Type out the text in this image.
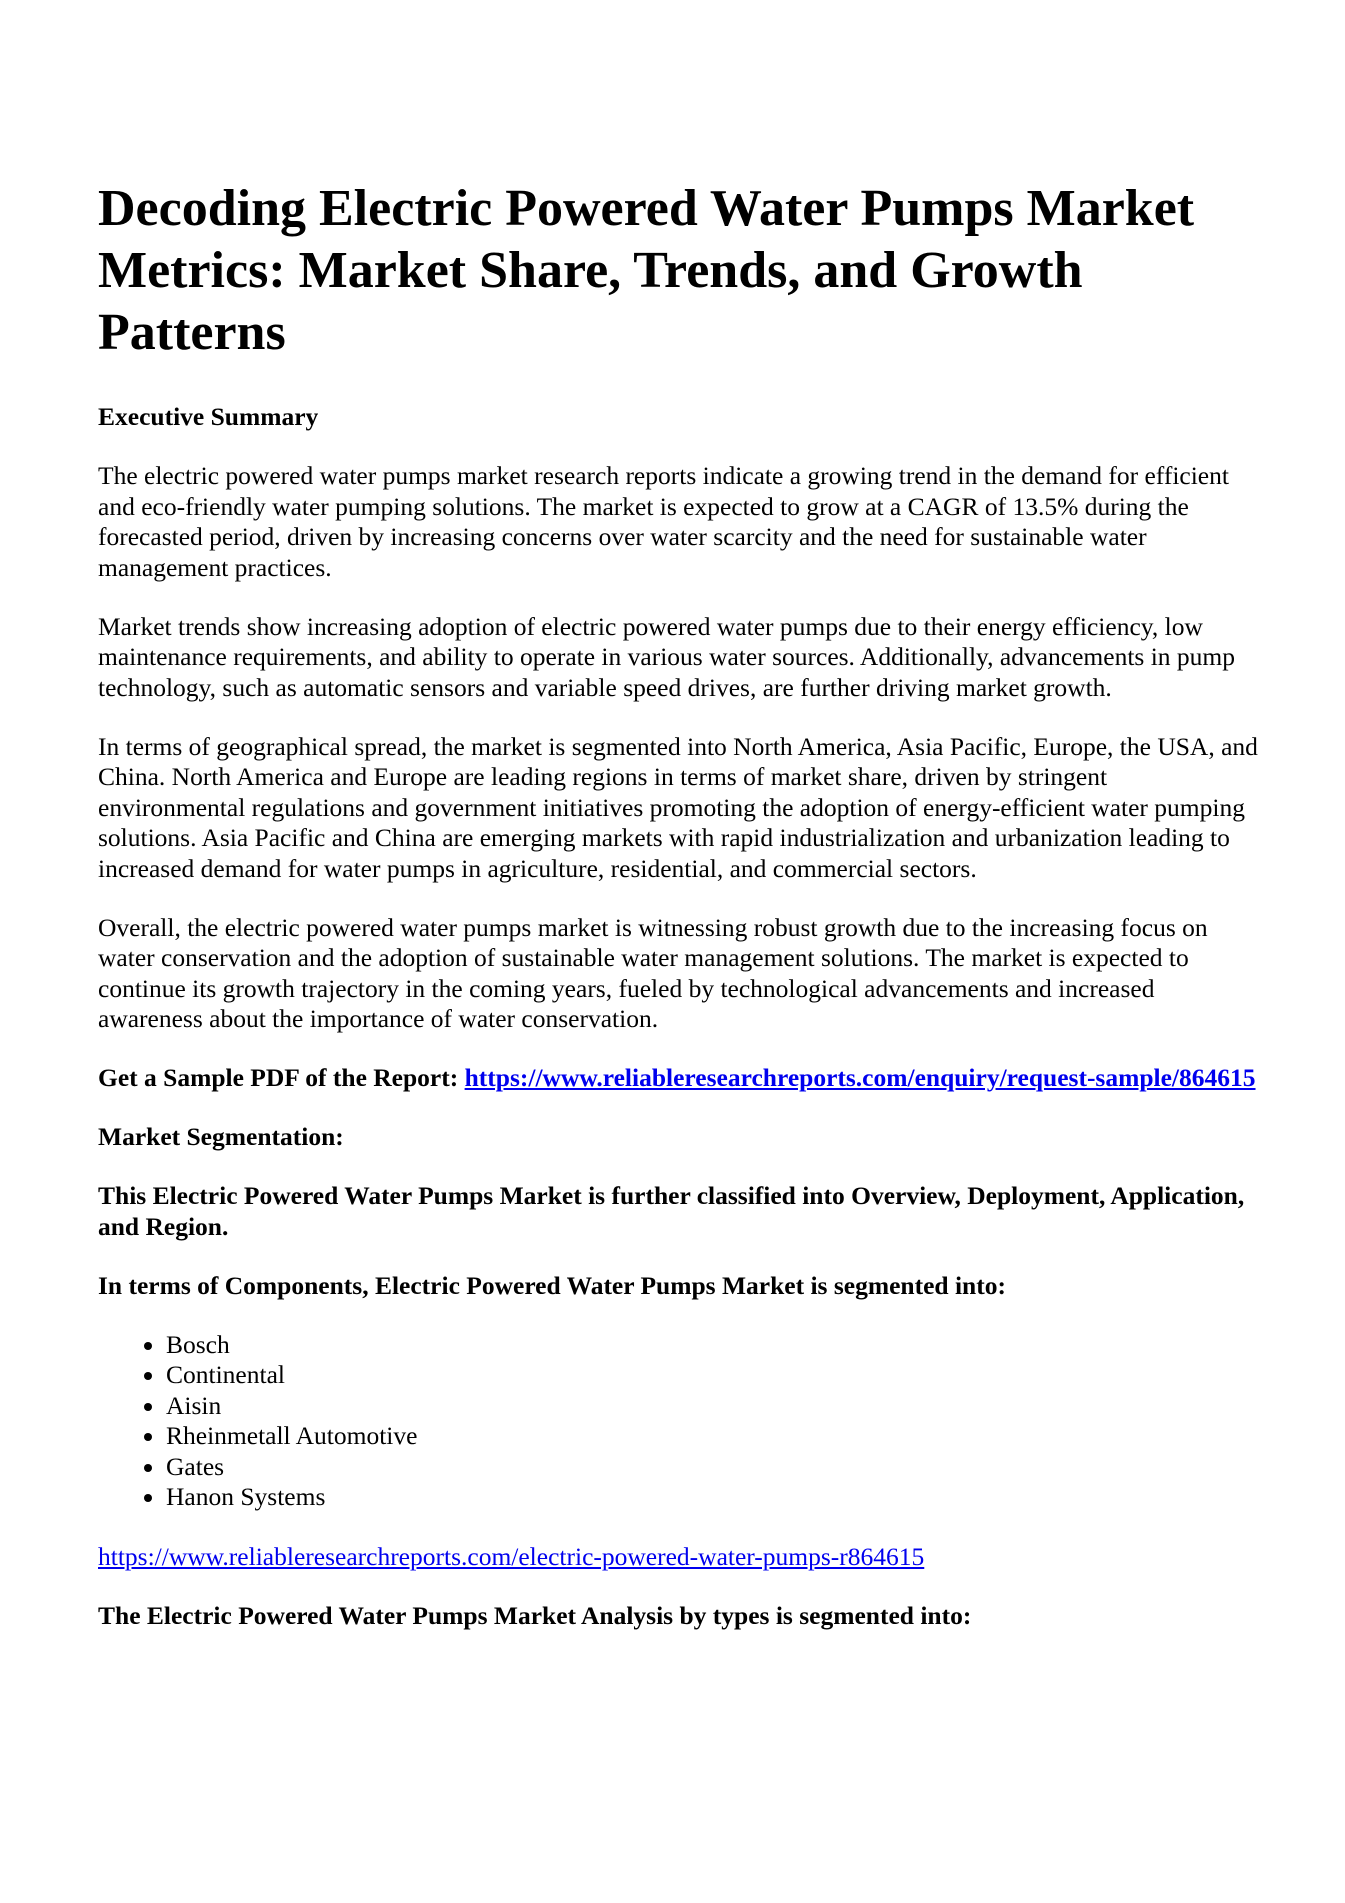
Decoding Electric Powered Water Pumps Market Metrics: Market Share, Trends, and Growth Patterns

Executive Summary

The electric powered water pumps market research reports indicate a growing trend in the demand for efficient and eco-friendly water pumping solutions. The market is expected to grow at a CAGR of 13.5% during the forecasted period, driven by increasing concerns over water scarcity and the need for sustainable water management practices.

Market trends show increasing adoption of electric powered water pumps due to their energy efficiency, low maintenance requirements, and ability to operate in various water sources. Additionally, advancements in pump technology, such as automatic sensors and variable speed drives, are further driving market growth.

In terms of geographical spread, the market is segmented into North America, Asia Pacific, Europe, the USA, and China. North America and Europe are leading regions in terms of market share, driven by stringent environmental regulations and government initiatives promoting the adoption of energy-efficient water pumping solutions. Asia Pacific and China are emerging markets with rapid industrialization and urbanization leading to increased demand for water pumps in agriculture, residential, and commercial sectors.

Overall, the electric powered water pumps market is witnessing robust growth due to the increasing focus on water conservation and the adoption of sustainable water management solutions. The market is expected to continue its growth trajectory in the coming years, fueled by technological advancements and increased awareness about the importance of water conservation.

Get a Sample PDF of the Report: https://www.reliableresearchreports.com/enquiry/request-sample/864615

Market Segmentation:

This Electric Powered Water Pumps Market is further classified into Overview, Deployment, Application, and Region.

In terms of Components, Electric Powered Water Pumps Market is segmented into:

• Bosch
• Continental
• Aisin
• Rheinmetall Automotive
• Gates
• Hanon Systems

https://www.reliableresearchreports.com/electric-powered-water-pumps-r864615

The Electric Powered Water Pumps Market Analysis by types is segmented into:
